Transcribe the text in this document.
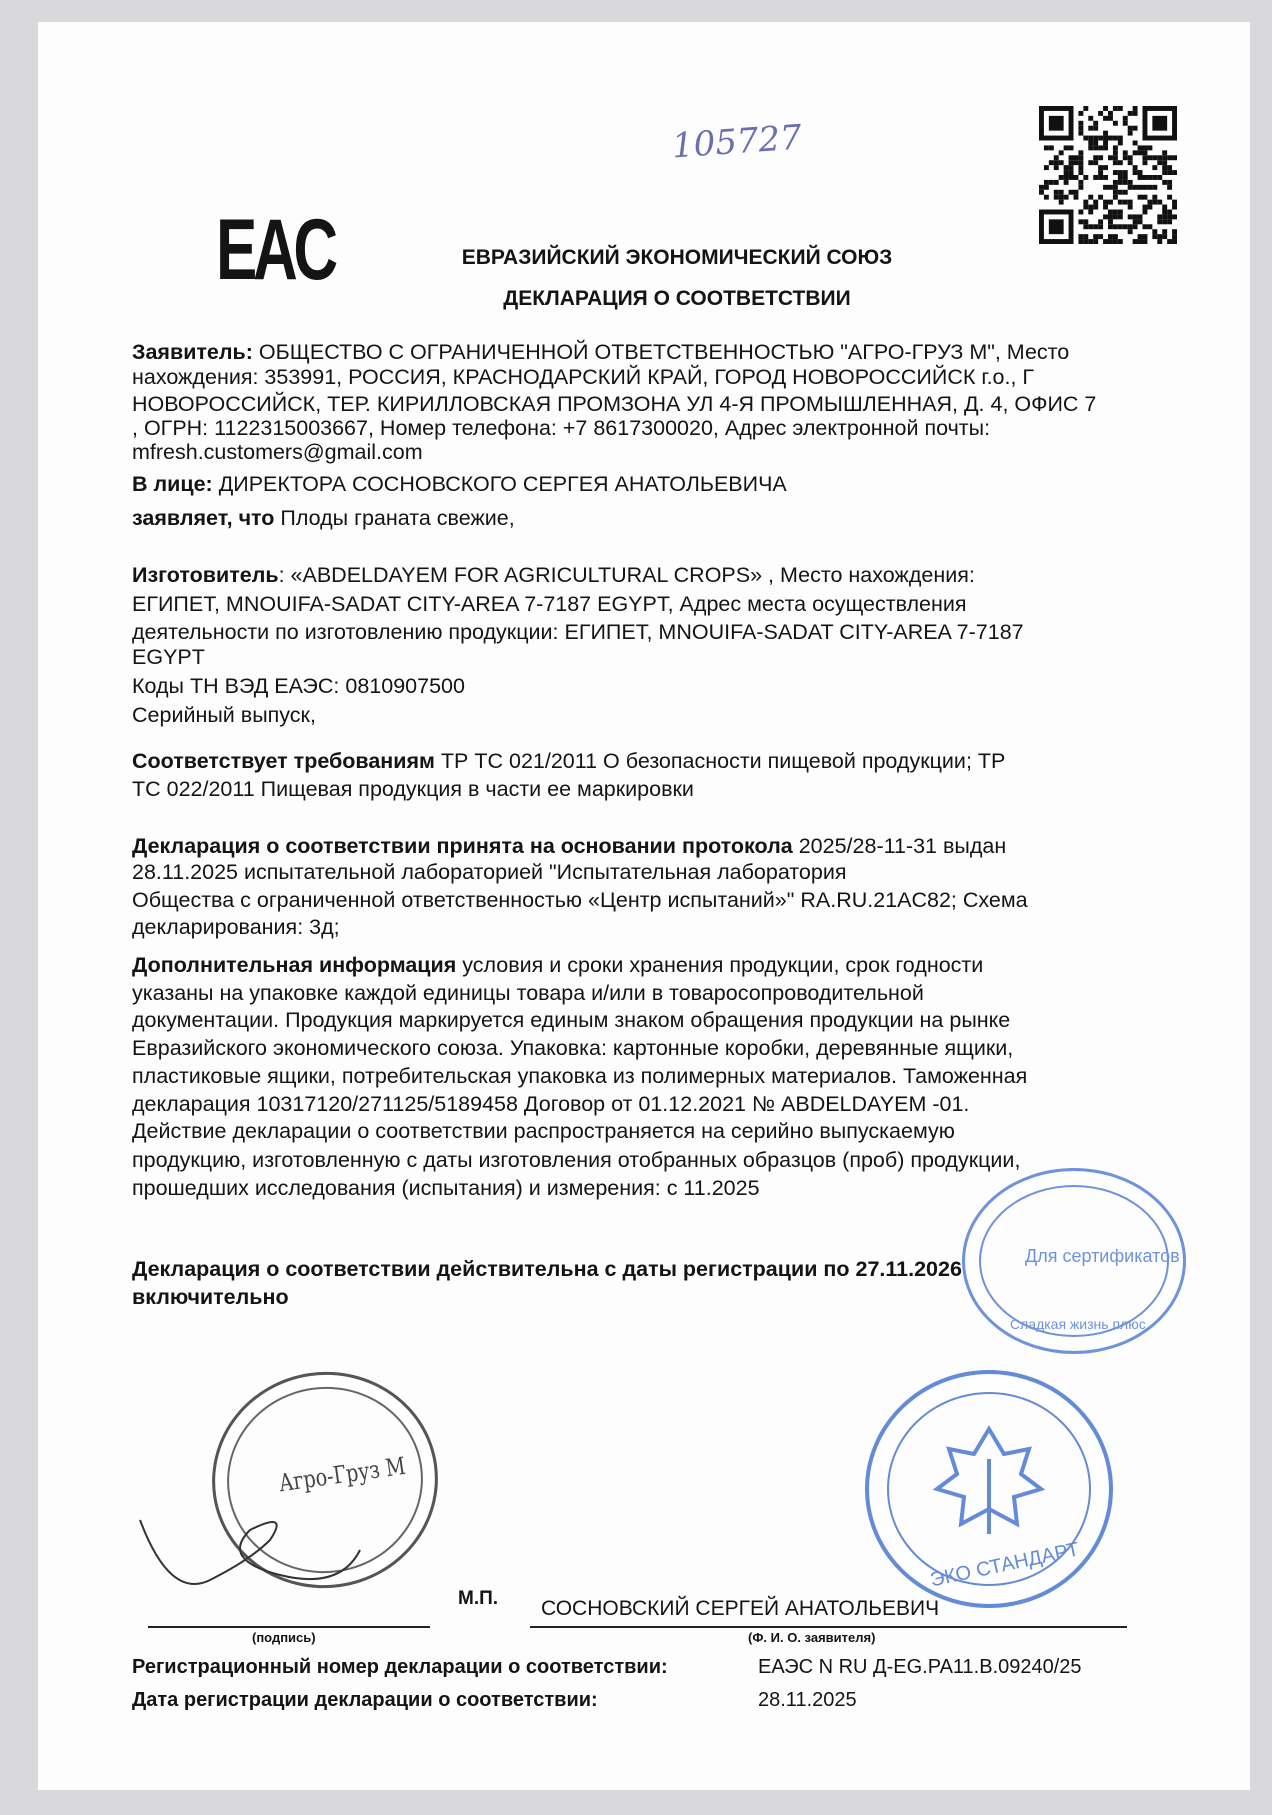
105727
EAC	ЕВРАЗИЙСКИЙ ЭКОНОМИЧЕСКИЙ СОЮЗ
ДЕКЛАРАЦИЯ О СООТВЕТСТВИИ
Заявитель: ОБЩЕСТВО С ОГРАНИЧЕННОЙ ОТВЕТСТВЕННОСТЬЮ "АГРО-ГРУЗ М", Место
нахождения: 353991, РОССИЯ, КРАСНОДАРСКИЙ КРАЙ, ГОРОД НОВОРОССИЙСК г.о., Г
НОВОРОССИЙСК, ТЕР. КИРИЛЛОВСКАЯ ПРОМЗОНА УЛ 4-Я ПРОМЫШЛЕННАЯ, Д. 4, ОФИС 7
, ОГРН: 1122315003667, Номер телефона: +7 8617300020, Адрес электронной почты:
mfresh.customers@gmail.com
В лице: ДИРЕКТОРА СОСНОВСКОГО СЕРГЕЯ АНАТОЛЬЕВИЧА
заявляет, что Плоды граната свежие,
Изготовитель: «ABDELDAYEM FOR AGRICULTURAL CROPS» , Место нахождения:
ЕГИПЕТ, MNOUIFA-SADAT CITY-AREA 7-7187 EGYPT, Адрес места осуществления
деятельности по изготовлению продукции: ЕГИПЕТ, MNOUIFA-SADAT CITY-AREA 7-7187
EGYPT
Коды ТН ВЭД ЕАЭС: 0810907500
Серийный выпуск,
Соответствует требованиям ТР ТС 021/2011 О безопасности пищевой продукции; ТР
ТС 022/2011 Пищевая продукция в части ее маркировки
Декларация о соответствии принята на основании протокола 2025/28-11-31 выдан
28.11.2025 испытательной лабораторией "Испытательная лаборатория
Общества с ограниченной ответственностью «Центр испытаний»" RA.RU.21AC82; Схема
декларирования: 3д;
Дополнительная информация условия и сроки хранения продукции, срок годности
указаны на упаковке каждой единицы товара и/или в товаросопроводительной
документации. Продукция маркируется единым знаком обращения продукции на рынке
Евразийского экономического союза. Упаковка: картонные коробки, деревянные ящики,
пластиковые ящики, потребительская упаковка из полимерных материалов. Таможенная
декларация 10317120/271125/5189458 Договор от 01.12.2021 № ABDELDAYEM -01.
Действие декларации о соответствии распространяется на серийно выпускаемую
продукцию, изготовленную с даты изготовления отобранных образцов (проб) продукции,
прошедших исследования (испытания) и измерения: с 11.2025
Декларация о соответствии действительна с даты регистрации по 27.11.2026
включительно
Агро-Груз М
Для сертификатов
Сладкая жизнь плюс
ЭКО СТАНДАРТ
М.П. СОСНОВСКИЙ СЕРГЕЙ АНАТОЛЬЕВИЧ
(подпись)	(Ф. И. О. заявителя)
Регистрационный номер декларации о соответствии:	ЕАЭС N RU Д-EG.PA11.B.09240/25
Дата регистрации декларации о соответствии:	28.11.2025
